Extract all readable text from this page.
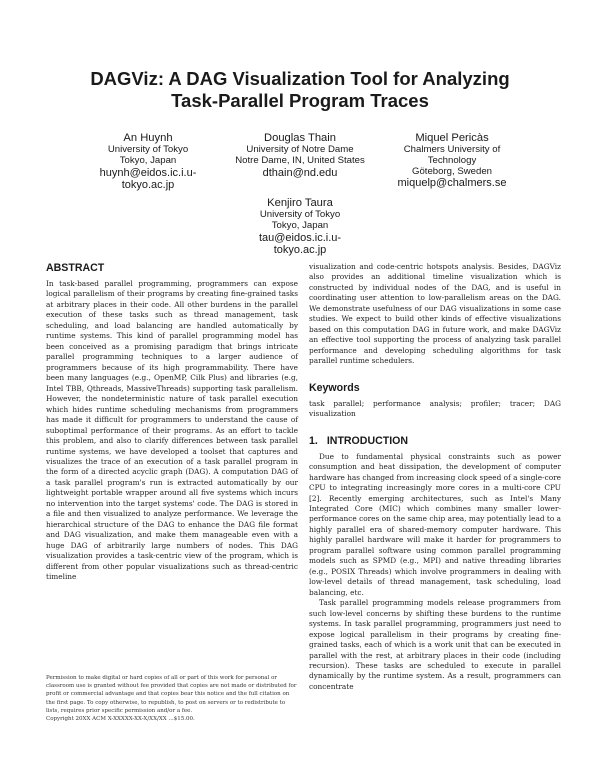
DAGViz: A DAG Visualization Tool for Analyzing
Task-Parallel Program Traces
An Huynh
University of Tokyo
Tokyo, Japan
huynh@eidos.ic.i.u-
tokyo.ac.jp
Douglas Thain
University of Notre Dame
Notre Dame, IN, United States
dthain@nd.edu
Miquel Pericàs
Chalmers University of
Technology
Göteborg, Sweden
miquelp@chalmers.se
Kenjiro Taura
University of Tokyo
Tokyo, Japan
tau@eidos.ic.i.u-
tokyo.ac.jp
ABSTRACT

In task-based parallel programming, programmers can expose logical parallelism of their programs by creating fine-grained tasks at arbitrary places in their code. All other burdens in the parallel execution of these tasks such as thread management, task scheduling, and load balancing are handled automatically by runtime systems. This kind of parallel programming model has been conceived as a promising paradigm that brings intricate parallel programming techniques to a larger audience of programmers because of its high programmability. There have been many languages (e.g., OpenMP, Cilk Plus) and libraries (e.g, Intel TBB, Qthreads, MassiveThreads) supporting task parallelism. However, the nondeterministic nature of task parallel execution which hides runtime scheduling mechanisms from programmers has made it difficult for programmers to understand the cause of suboptimal performance of their programs. As an effort to tackle this problem, and also to clarify differences between task parallel runtime systems, we have developed a toolset that captures and visualizes the trace of an execution of a task parallel program in the form of a directed acyclic graph (DAG). A computation DAG of a task parallel program's run is extracted automatically by our lightweight portable wrapper around all five systems which incurs no intervention into the target systems' code. The DAG is stored in a file and then visualized to analyze performance. We leverage the hierarchical structure of the DAG to enhance the DAG file format and DAG visualization, and make them manageable even with a huge DAG of arbitrarily large numbers of nodes. This DAG visualization provides a task-centric view of the program, which is different from other popular visualizations such as thread-centric timeline

visualization and code-centric hotspots analysis. Besides, DAGViz also provides an additional timeline visualization which is constructed by individual nodes of the DAG, and is useful in coordinating user attention to low-parallelism areas on the DAG. We demonstrate usefulness of our DAG visualizations in some case studies. We expect to build other kinds of effective visualizations based on this computation DAG in future work, and make DAGViz an effective tool supporting the process of analyzing task parallel performance and developing scheduling algorithms for task parallel runtime schedulers.

Keywords

task parallel; performance analysis; profiler; tracer; DAG visualization

1. INTRODUCTION

Due to fundamental physical constraints such as power consumption and heat dissipation, the development of computer hardware has changed from increasing clock speed of a single-core CPU to integrating increasingly more cores in a multi-core CPU [2]. Recently emerging architectures, such as Intel's Many Integrated Core (MIC) which combines many smaller lower-performance cores on the same chip area, may potentially lead to a highly parallel era of shared-memory computer hardware. This highly parallel hardware will make it harder for programmers to program parallel software using common parallel programming models such as SPMD (e.g., MPI) and native threading libraries (e.g., POSIX Threads) which involve programmers in dealing with low-level details of thread management, task scheduling, load balancing, etc.

Task parallel programming models release programmers from such low-level concerns by shifting these burdens to the runtime systems. In task parallel programming, programmers just need to expose logical parallelism in their programs by creating fine-grained tasks, each of which is a work unit that can be executed in parallel with the rest, at arbitrary places in their code (including recursion). These tasks are scheduled to execute in parallel dynamically by the runtime system. As a result, programmers can concentrate

Permission to make digital or hard copies of all or part of this work for personal or classroom use is granted without fee provided that copies are not made or distributed for profit or commercial advantage and that copies bear this notice and the full citation on the first page. To copy otherwise, to republish, to post on servers or to redistribute to lists, requires prior specific permission and/or a fee.
Copyright 20XX ACM X-XXXXX-XX-X/XX/XX ...$15.00.
